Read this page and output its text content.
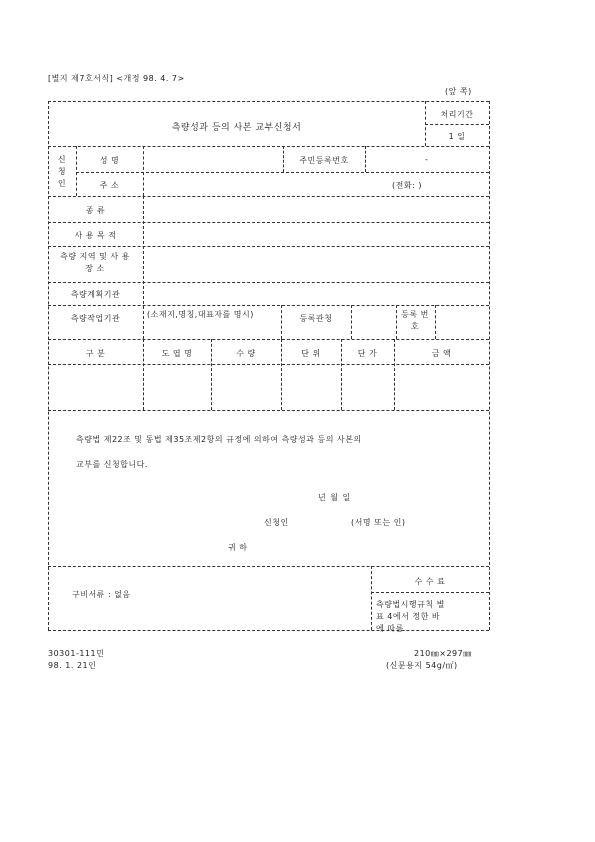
[별지 제7호서식] <개정 98. 4. 7>
(앞 쪽)
측량성과 등의 사본 교부신청서
처리기간
1 일
신 청 인
성 명	주민등록번호	-
주 소	(전화: )
종 류
사 용 목 적
측량 지역 및 사 용 장 소
측량계획기관
측량작업기관	(소재지,명칭,대표자를 명시)	등록관청	등록 번호
구 분	도 엽 명	수 량	단 위	단 가	금 액
측량법 제22조 및 동법 제35조제2항의 규정에 의하여 측량성과 등의 사본의
교부를 신청합니다.
년 월 일
신청인	(서명 또는 인)
귀 하
구비서류 : 없음
수 수 료
측량법시행규칙 별
표 4에서 정한 바
에 따름
30301-111민
98. 1. 21인
210㎜×297㎜
(신문용지 54g/㎡)
